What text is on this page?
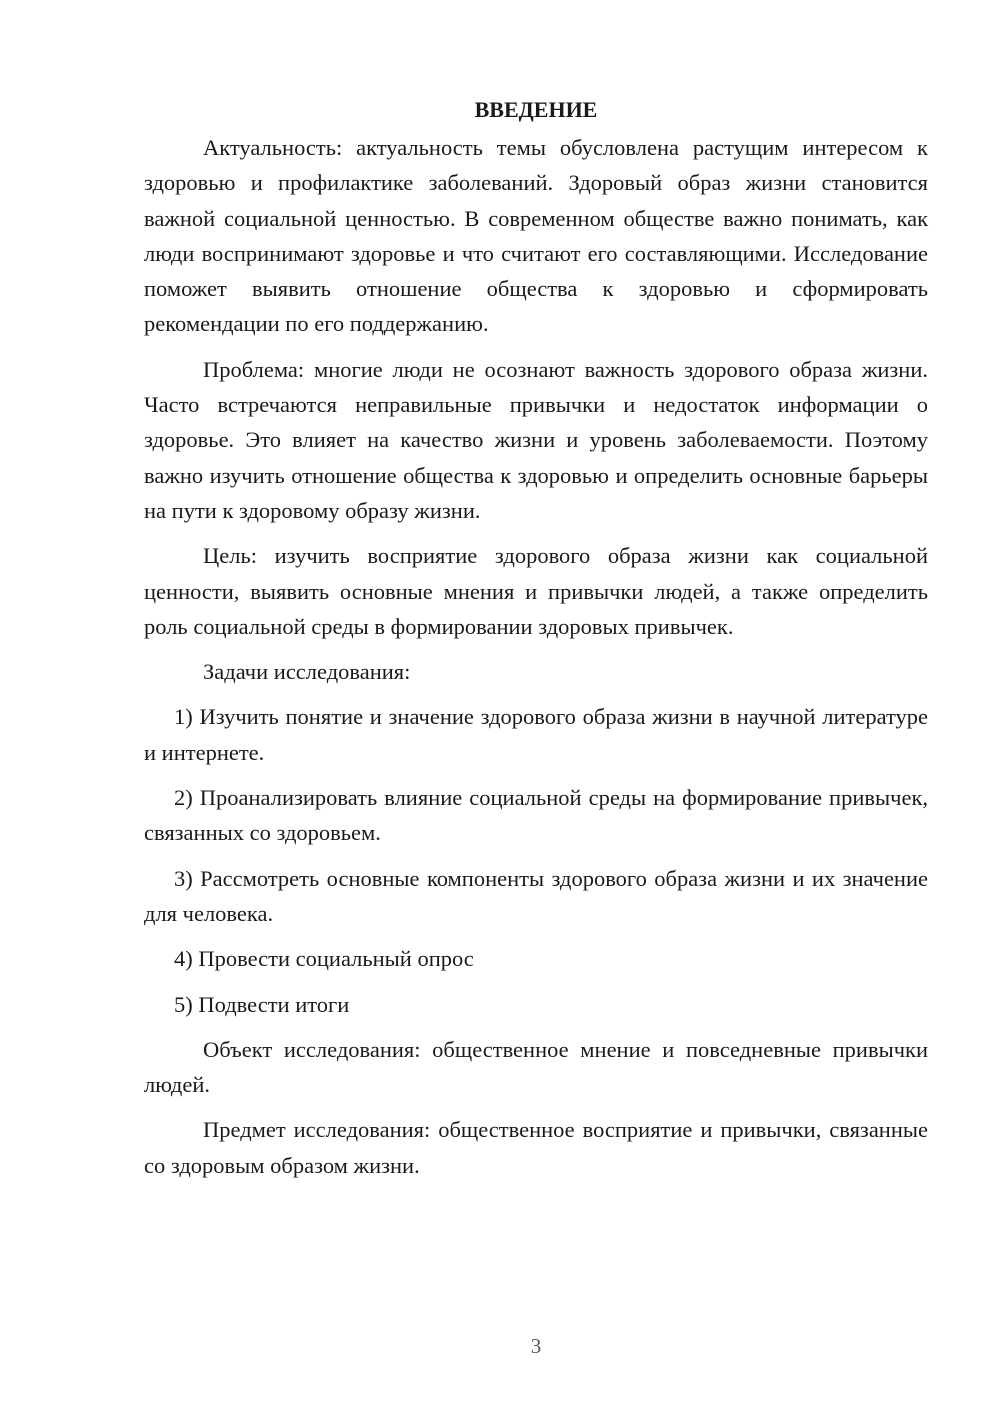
ВВЕДЕНИЕ

Актуальность: актуальность темы обусловлена растущим интересом к здоровью и профилактике заболеваний. Здоровый образ жизни становится важной социальной ценностью. В современном обществе важно понимать, как люди воспринимают здоровье и что считают его составляющими. Исследование поможет выявить отношение общества к здоровью и сформировать рекомендации по его поддержанию.

Проблема: многие люди не осознают важность здорового образа жизни. Часто встречаются неправильные привычки и недостаток информации о здоровье. Это влияет на качество жизни и уровень заболеваемости. Поэтому важно изучить отношение общества к здоровью и определить основные барьеры на пути к здоровому образу жизни.

Цель: изучить восприятие здорового образа жизни как социальной ценности, выявить основные мнения и привычки людей, а также определить роль социальной среды в формировании здоровых привычек.

Задачи исследования:

1) Изучить понятие и значение здорового образа жизни в научной литературе и интернете.

2) Проанализировать влияние социальной среды на формирование привычек, связанных со здоровьем.

3) Рассмотреть основные компоненты здорового образа жизни и их значение для человека.

4) Провести социальный опрос

5) Подвести итоги

Объект исследования: общественное мнение и повседневные привычки людей.

Предмет исследования: общественное восприятие и привычки, связанные со здоровым образом жизни.

3
